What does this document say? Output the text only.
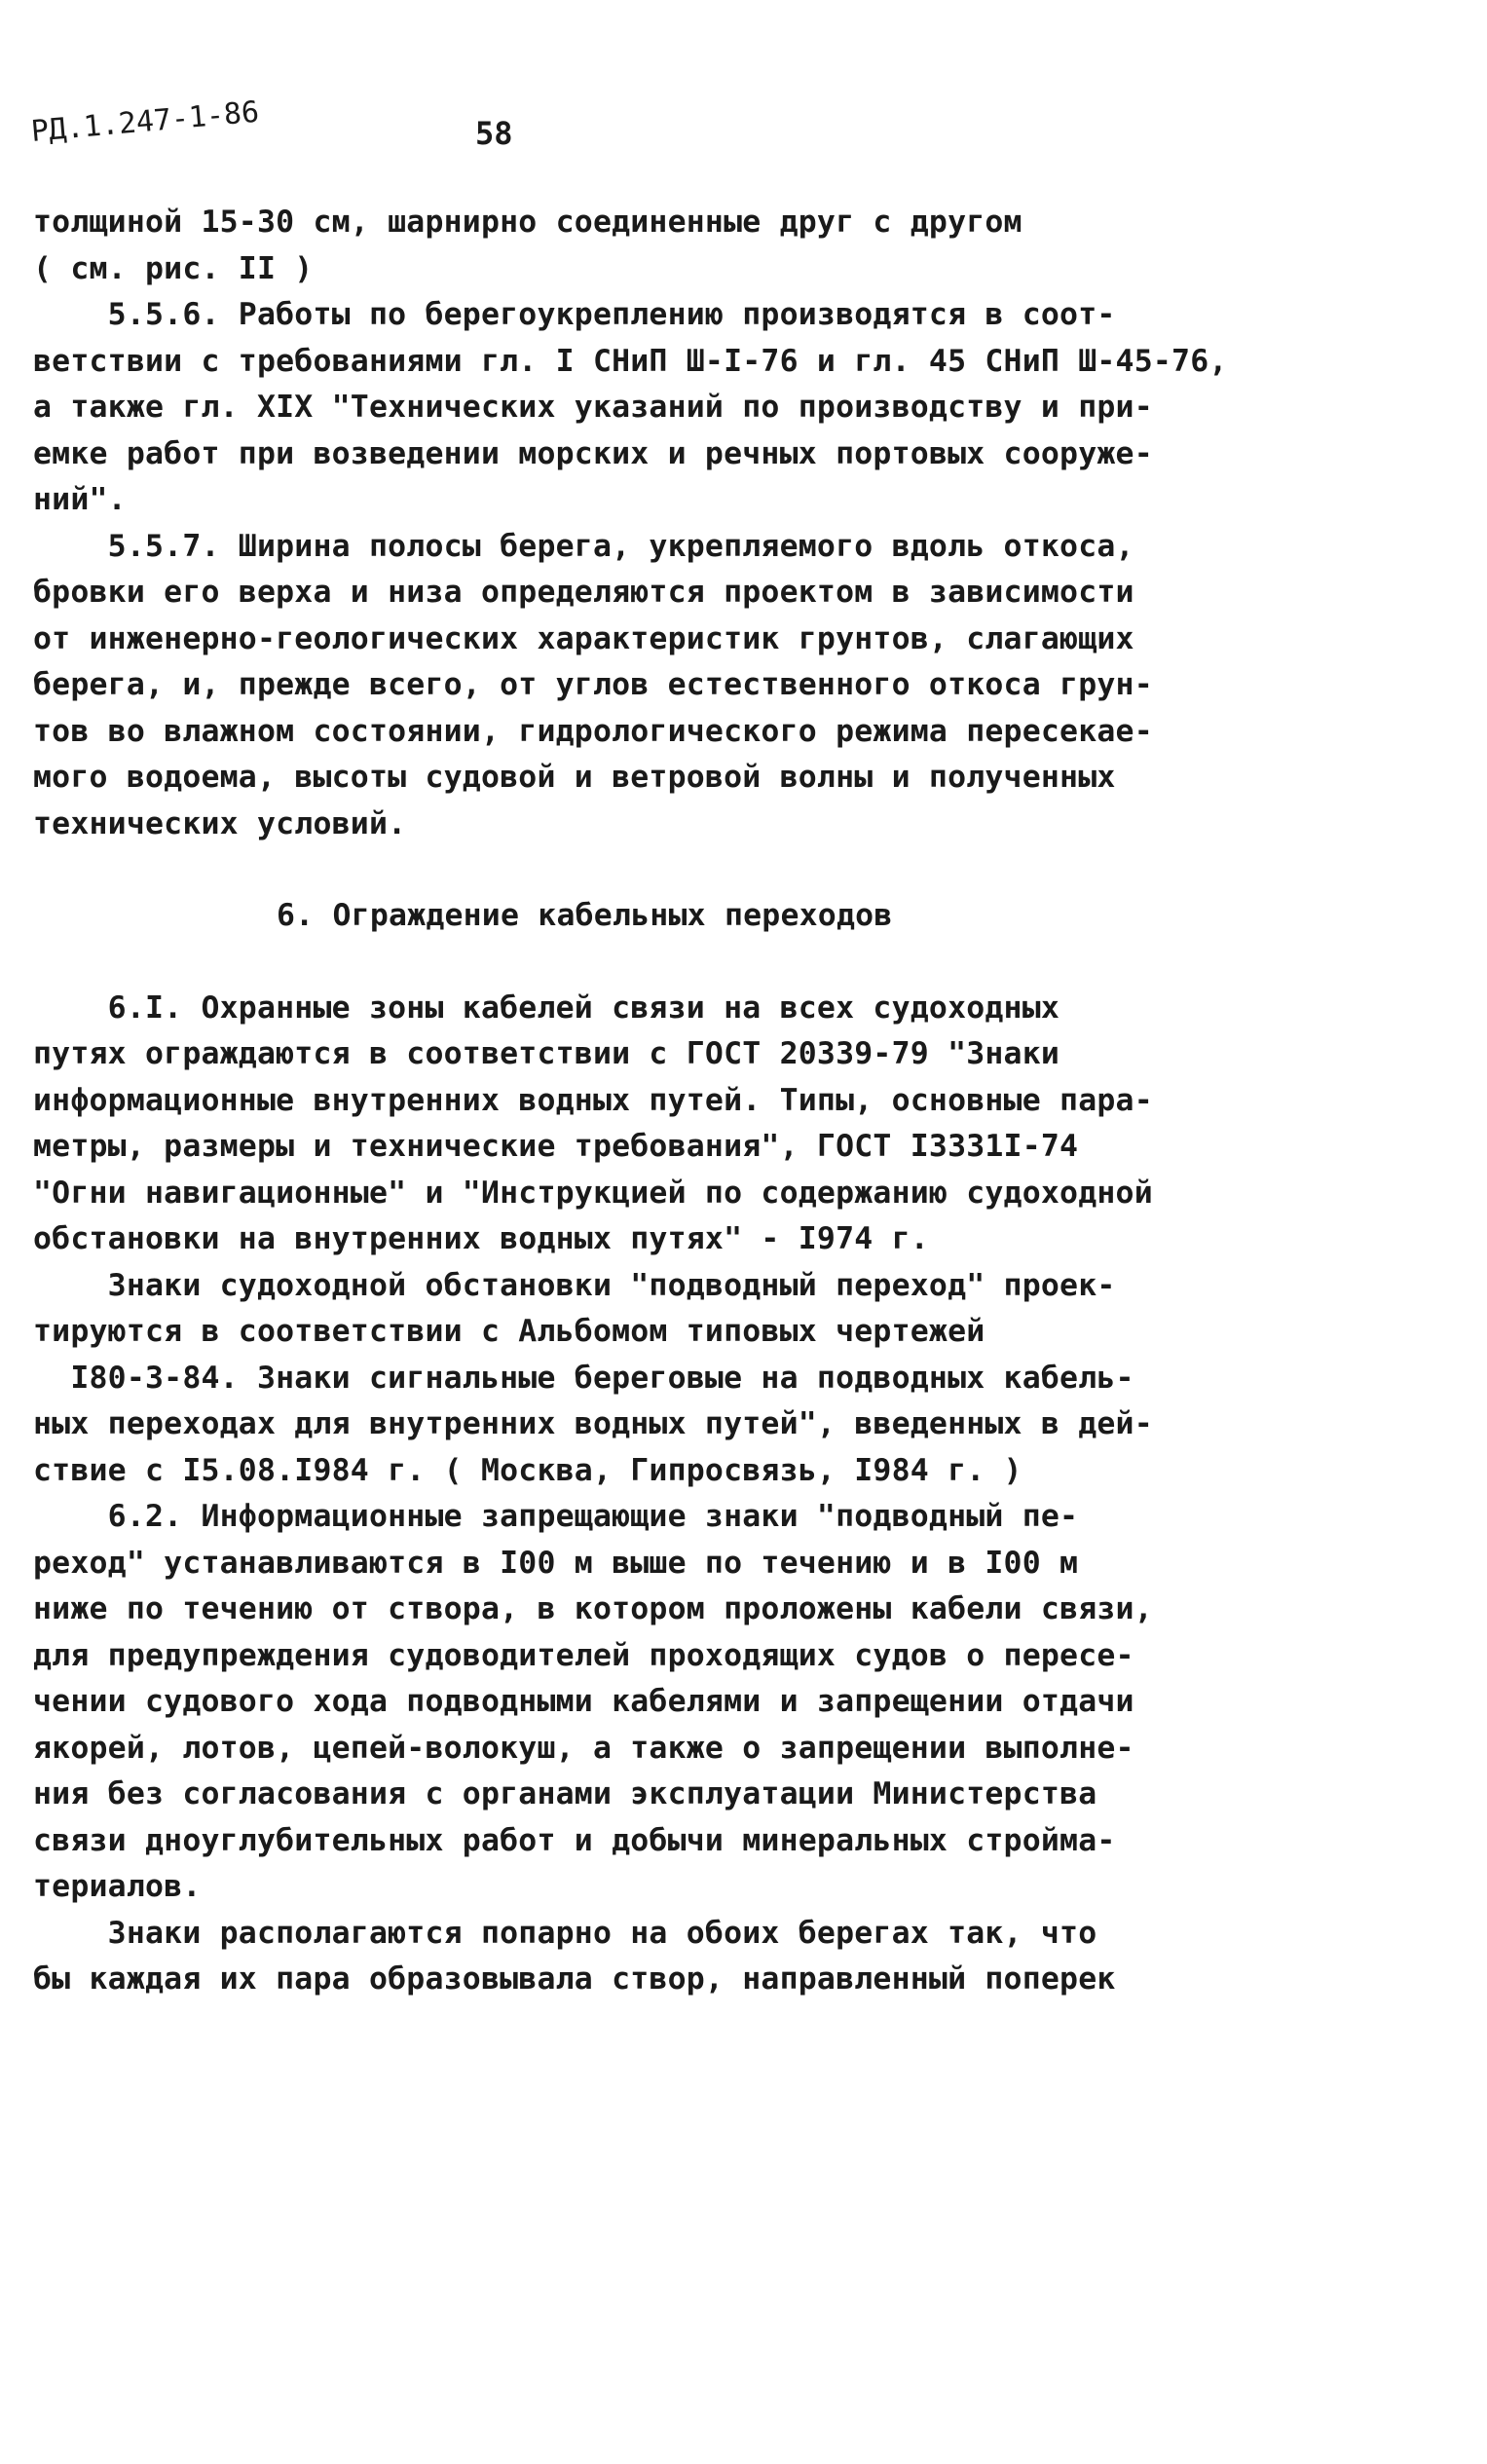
РД.1.247-1-86	58
толщиной 15-30 см, шарнирно соединенные друг с другом
( см. рис. II )
5.5.6. Работы по берегоукреплению производятся в соот-
ветствии с требованиями гл. I СНиП Ш-I-76 и гл. 45 СНиП Ш-45-76,
а также гл. XIX "Технических указаний по производству и при-
емке работ при возведении морских и речных портовых сооруже-
ний".
5.5.7. Ширина полосы берега, укрепляемого вдоль откоса,
бровки его верха и низа определяются проектом в зависимости
от инженерно-геологических характеристик грунтов, слагающих
берега, и, прежде всего, от углов естественного откоса грун-
тов во влажном состоянии, гидрологического режима пересекае-
мого водоема, высоты судовой и ветровой волны и полученных
технических условий.
6. Ограждение кабельных переходов
6.I. Охранные зоны кабелей связи на всех судоходных
путях ограждаются в соответствии с ГОСТ 20339-79 "Знаки
информационные внутренних водных путей. Типы, основные пара-
метры, размеры и технические требования", ГОСТ I3331I-74
"Огни навигационные" и "Инструкцией по содержанию судоходной
обстановки на внутренних водных путях" - I974 г.
Знаки судоходной обстановки "подводный переход" проек-
тируются в соответствии с Альбомом типовых чертежей
I80-3-84. Знаки сигнальные береговые на подводных кабель-
ных переходах для внутренних водных путей", введенных в дей-
ствие с I5.08.I984 г. ( Москва, Гипросвязь, I984 г. )
6.2. Информационные запрещающие знаки "подводный пе-
реход" устанавливаются в I00 м выше по течению и в I00 м
ниже по течению от створа, в котором проложены кабели связи,
для предупреждения судоводителей проходящих судов о пересе-
чении судового хода подводными кабелями и запрещении отдачи
якорей, лотов, цепей-волокуш, а также о запрещении выполне-
ния без согласования с органами эксплуатации Министерства
связи дноуглубительных работ и добычи минеральных строймa-
териалов.
Знаки располагаются попарно на обоих берегах так, что
бы каждая их пара образовывала створ, направленный поперек
